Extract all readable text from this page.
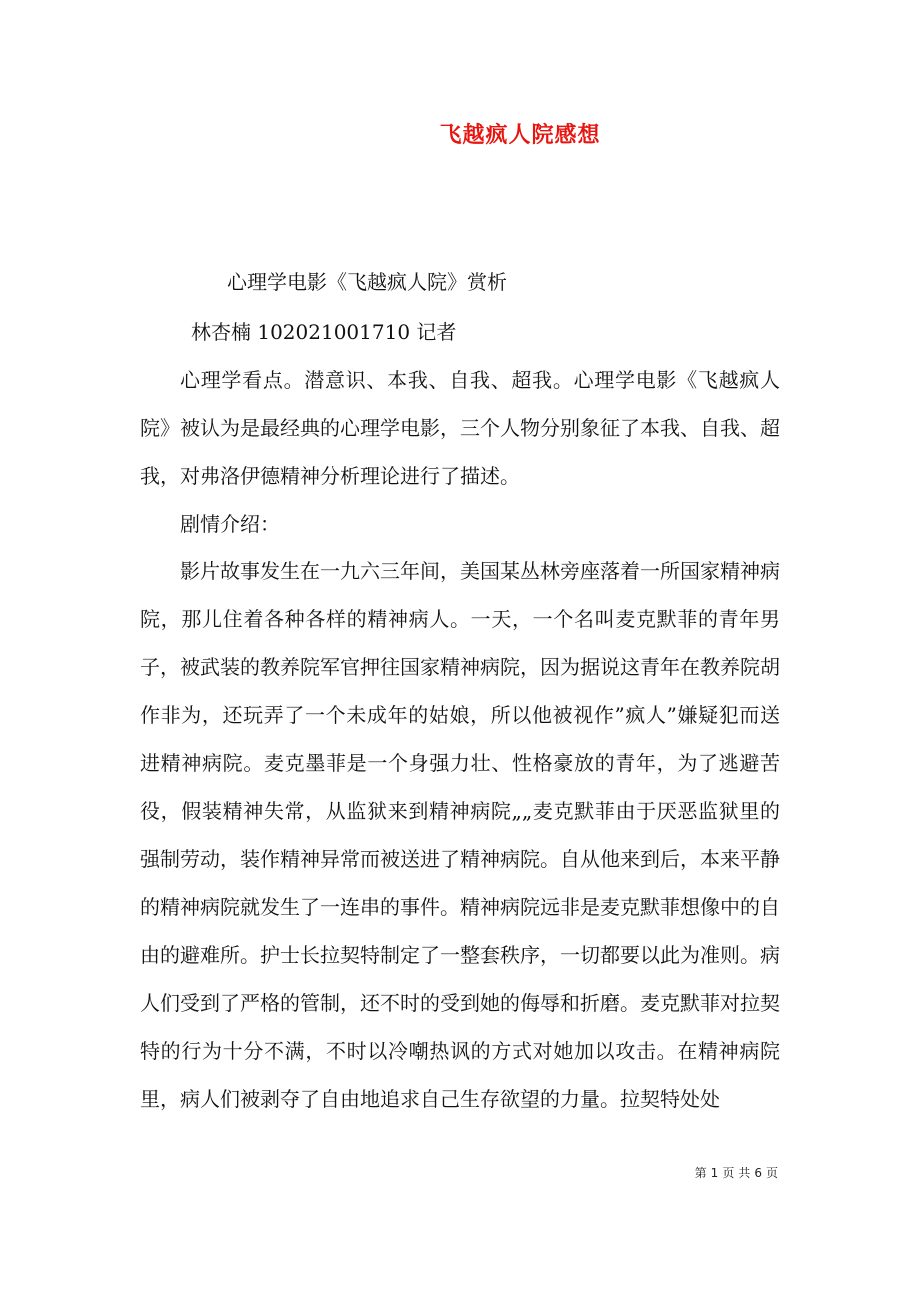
飞越疯人院感想
心理学电影《飞越疯人院》赏析
林杏楠 102021001710 记者

心理学看点。潜意识、本我、自我、超我。心理学电影《飞越疯人院》被认为是最经典的心理学电影，三个人物分别象征了本我、自我、超我，对弗洛伊德精神分析理论进行了描述。

剧情介绍：

影片故事发生在一九六三年间，美国某丛林旁座落着一所国家精神病院，那儿住着各种各样的精神病人。一天，一个名叫麦克默菲的青年男子，被武装的教养院军官押往国家精神病院，因为据说这青年在教养院胡作非为，还玩弄了一个未成年的姑娘，所以他被视作”疯人”嫌疑犯而送进精神病院。麦克墨菲是一个身强力壮、性格豪放的青年，为了逃避苦役，假装精神失常，从监狱来到精神病院„„麦克默菲由于厌恶监狱里的强制劳动，装作精神异常而被送进了精神病院。自从他来到后，本来平静的精神病院就发生了一连串的事件。精神病院远非是麦克默菲想像中的自由的避难所。护士长拉契特制定了一整套秩序，一切都要以此为准则。病人们受到了严格的管制，还不时的受到她的侮辱和折磨。麦克默菲对拉契特的行为十分不满，不时以冷嘲热讽的方式对她加以攻击。在精神病院里，病人们被剥夺了自由地追求自己生存欲望的力量。拉契特处处

第 1 页 共 6 页
